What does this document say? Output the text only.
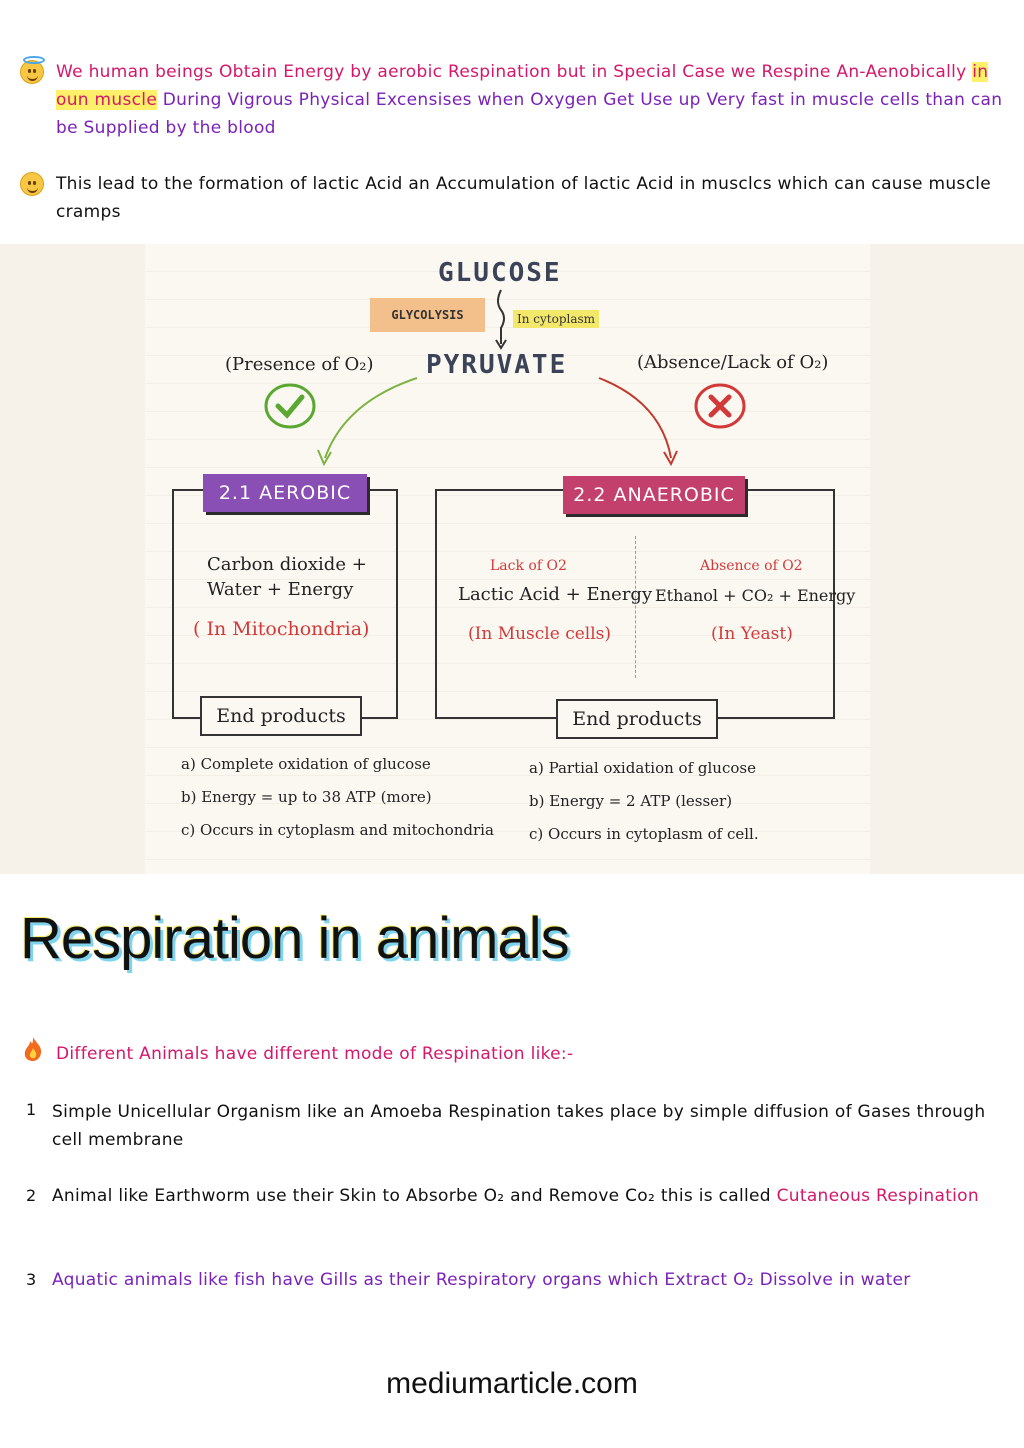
We human beings Obtain Energy by aerobic Respination but in Special Case we Respine An-Aenobically in oun muscle During Vigrous Physical Excensises when Oxygen Get Use up Very fast in muscle cells than can be Supplied by the blood
This lead to the formation of lactic Acid an Accumulation of lactic Acid in musclcs which can cause muscle cramps
GLUCOSE
GLYCOLYSIS	In cytoplasm
PYRUVATE
(Presence of O₂)	(Absence/Lack of O₂)
2.1 AEROBIC
Carbon dioxide +
Water + Energy
( In Mitochondria)
End products
a) Complete oxidation of glucose
b) Energy = up to 38 ATP (more)
c) Occurs in cytoplasm and mitochondria
2.2 ANAEROBIC
Lack of O2
Lactic Acid + Energy
(In Muscle cells)
Absence of O2
Ethanol + CO₂ + Energy
(In Yeast)
End products
a) Partial oxidation of glucose
b) Energy = 2 ATP (lesser)
c) Occurs in cytoplasm of cell.
Respiration in animals
Different Animals have different mode of Respination like:-
1 Simple Unicellular Organism like an Amoeba Respination takes place by simple diffusion of Gases through cell membrane
2 Animal like Earthworm use their Skin to Absorbe O₂ and Remove Co₂ this is called Cutaneous Respination
3 Aquatic animals like fish have Gills as their Respiratory organs which Extract O₂ Dissolve in water
mediumarticle.com
